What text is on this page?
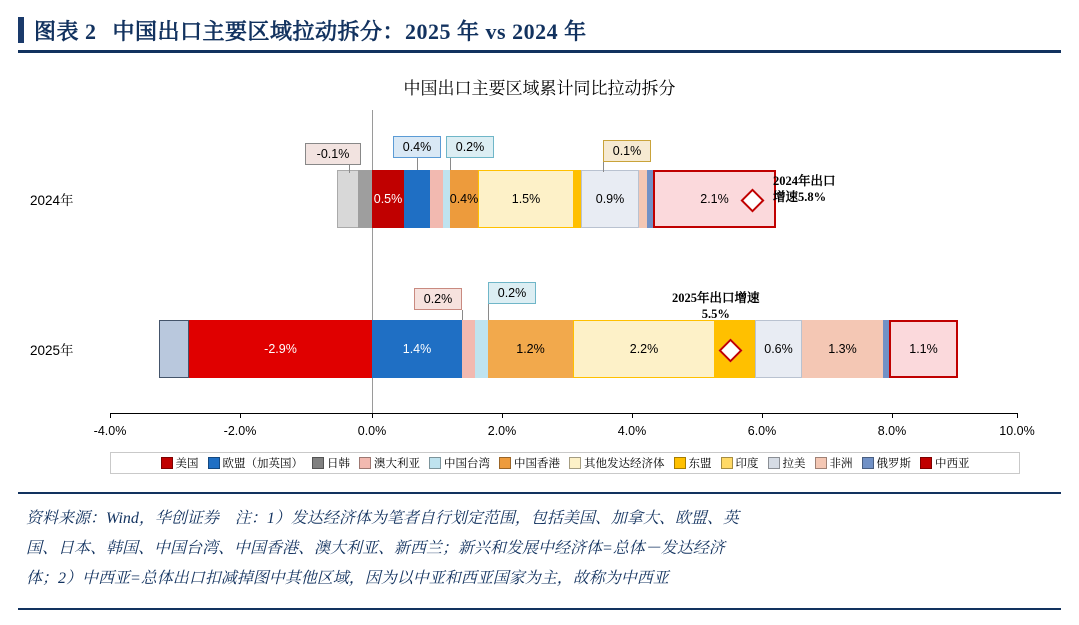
图表 2 中国出口主要区域拉动拆分：2025 年 vs 2024 年
中国出口主要区域累计同比拉动拆分
2024年	0.5%	0.4%	1.5%	0.9%	2.1%
-0.1%	0.4% 0.2%	0.1%
2024年出口
增速5.8%
2025年	-2.9%	1.4%	1.2%	2.2%	0.6%	1.3%	1.1%
0.2%	0.2%	2025年出口增速
5.5%
-4.0%	-2.0%	0.0%	2.0%	4.0%	6.0%	8.0%	10.0%
美国 欧盟（加英国） 日韩 澳大利亚 中国台湾 中国香港 其他发达经济体 东盟 印度 拉美 非洲 俄罗斯 中西亚
资料来源：Wind，华创证券　注：1）发达经济体为笔者自行划定范围，包括美国、加拿大、欧盟、英
国、日本、韩国、中国台湾、中国香港、澳大利亚、新西兰；新兴和发展中经济体=总体－发达经济
体；2）中西亚=总体出口扣减掉图中其他区域，因为以中亚和西亚国家为主，故称为中西亚
